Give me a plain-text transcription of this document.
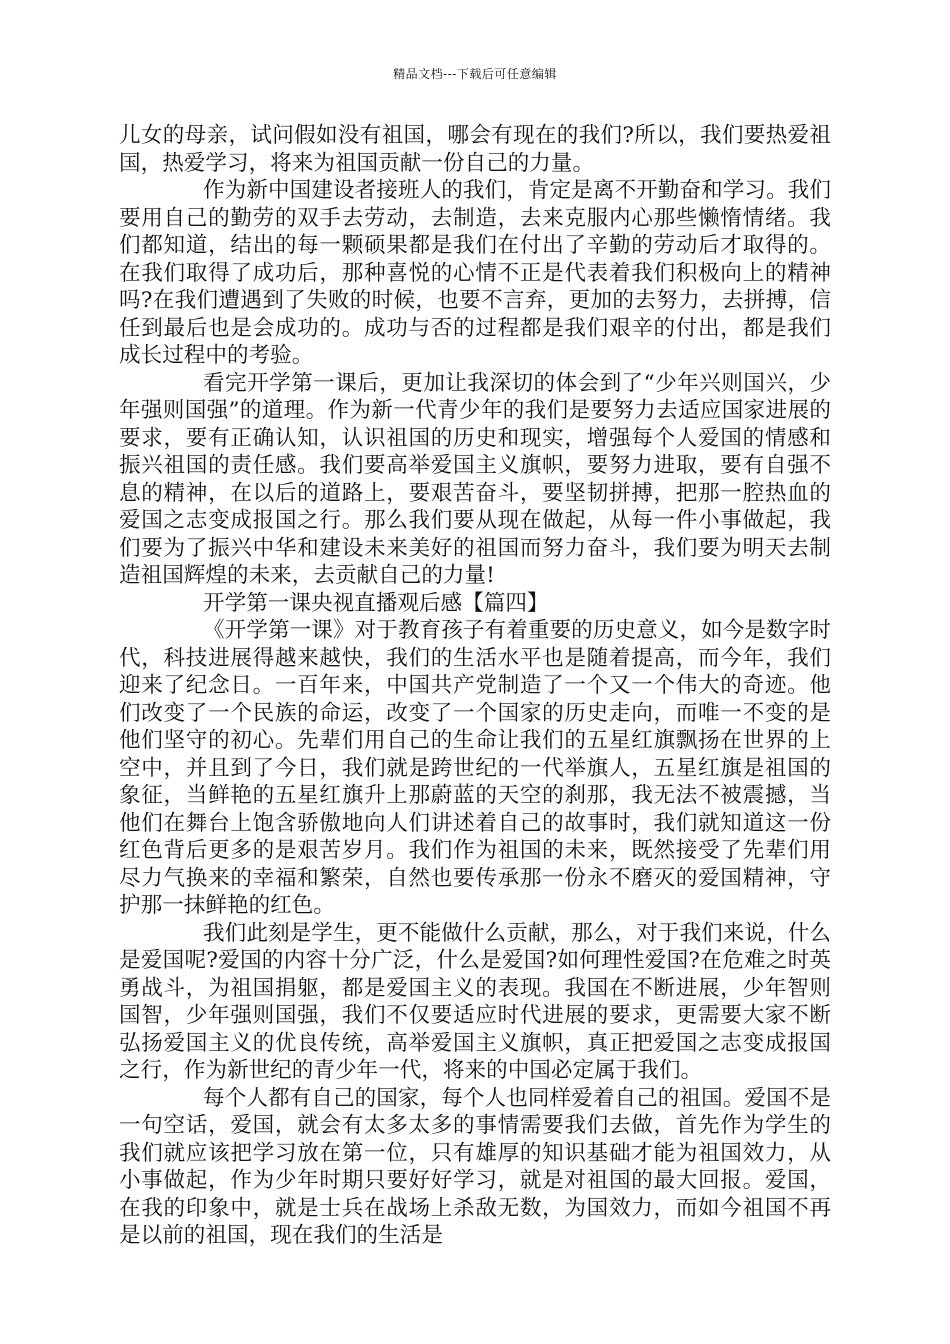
精品文档---下载后可任意编辑

儿女的母亲，试问假如没有祖国，哪会有现在的我们?所以，我们要热爱祖国，热爱学习，将来为祖国贡献一份自己的力量。

作为新中国建设者接班人的我们，肯定是离不开勤奋和学习。我们要用自己的勤劳的双手去劳动，去制造，去来克服内心那些懒惰情绪。我们都知道，结出的每一颗硕果都是我们在付出了辛勤的劳动后才取得的。在我们取得了成功后，那种喜悦的心情不正是代表着我们积极向上的精神吗?在我们遭遇到了失败的时候，也要不言弃，更加的去努力，去拼搏，信任到最后也是会成功的。成功与否的过程都是我们艰辛的付出，都是我们成长过程中的考验。

看完开学第一课后，更加让我深切的体会到了“少年兴则国兴，少年强则国强”的道理。作为新一代青少年的我们是要努力去适应国家进展的要求，要有正确认知，认识祖国的历史和现实，增强每个人爱国的情感和振兴祖国的责任感。我们要高举爱国主义旗帜，要努力进取，要有自强不息的精神，在以后的道路上，要艰苦奋斗，要坚韧拼搏，把那一腔热血的爱国之志变成报国之行。那么我们要从现在做起，从每一件小事做起，我们要为了振兴中华和建设未来美好的祖国而努力奋斗，我们要为明天去制造祖国辉煌的未来，去贡献自己的力量!

开学第一课央视直播观后感【篇四】

《开学第一课》对于教育孩子有着重要的历史意义，如今是数字时代，科技进展得越来越快，我们的生活水平也是随着提高，而今年，我们迎来了纪念日。一百年来，中国共产党制造了一个又一个伟大的奇迹。他们改变了一个民族的命运，改变了一个国家的历史走向，而唯一不变的是他们坚守的初心。先辈们用自己的生命让我们的五星红旗飘扬在世界的上空中，并且到了今日，我们就是跨世纪的一代举旗人，五星红旗是祖国的象征，当鲜艳的五星红旗升上那蔚蓝的天空的刹那，我无法不被震撼，当他们在舞台上饱含骄傲地向人们讲述着自己的故事时，我们就知道这一份红色背后更多的是艰苦岁月。我们作为祖国的未来，既然接受了先辈们用尽力气换来的幸福和繁荣，自然也要传承那一份永不磨灭的爱国精神，守护那一抹鲜艳的红色。

我们此刻是学生，更不能做什么贡献，那么，对于我们来说，什么是爱国呢?爱国的内容十分广泛，什么是爱国?如何理性爱国?在危难之时英勇战斗，为祖国捐躯，都是爱国主义的表现。我国在不断进展，少年智则国智，少年强则国强，我们不仅要适应时代进展的要求，更需要大家不断弘扬爱国主义的优良传统，高举爱国主义旗帜，真正把爱国之志变成报国之行，作为新世纪的青少年一代，将来的中国必定属于我们。

每个人都有自己的国家，每个人也同样爱着自己的祖国。爱国不是一句空话，爱国，就会有太多太多的事情需要我们去做，首先作为学生的我们就应该把学习放在第一位，只有雄厚的知识基础才能为祖国效力，从小事做起，作为少年时期只要好好学习，就是对祖国的最大回报。爱国，在我的印象中，就是士兵在战场上杀敌无数，为国效力，而如今祖国不再是以前的祖国，现在我们的生活是
